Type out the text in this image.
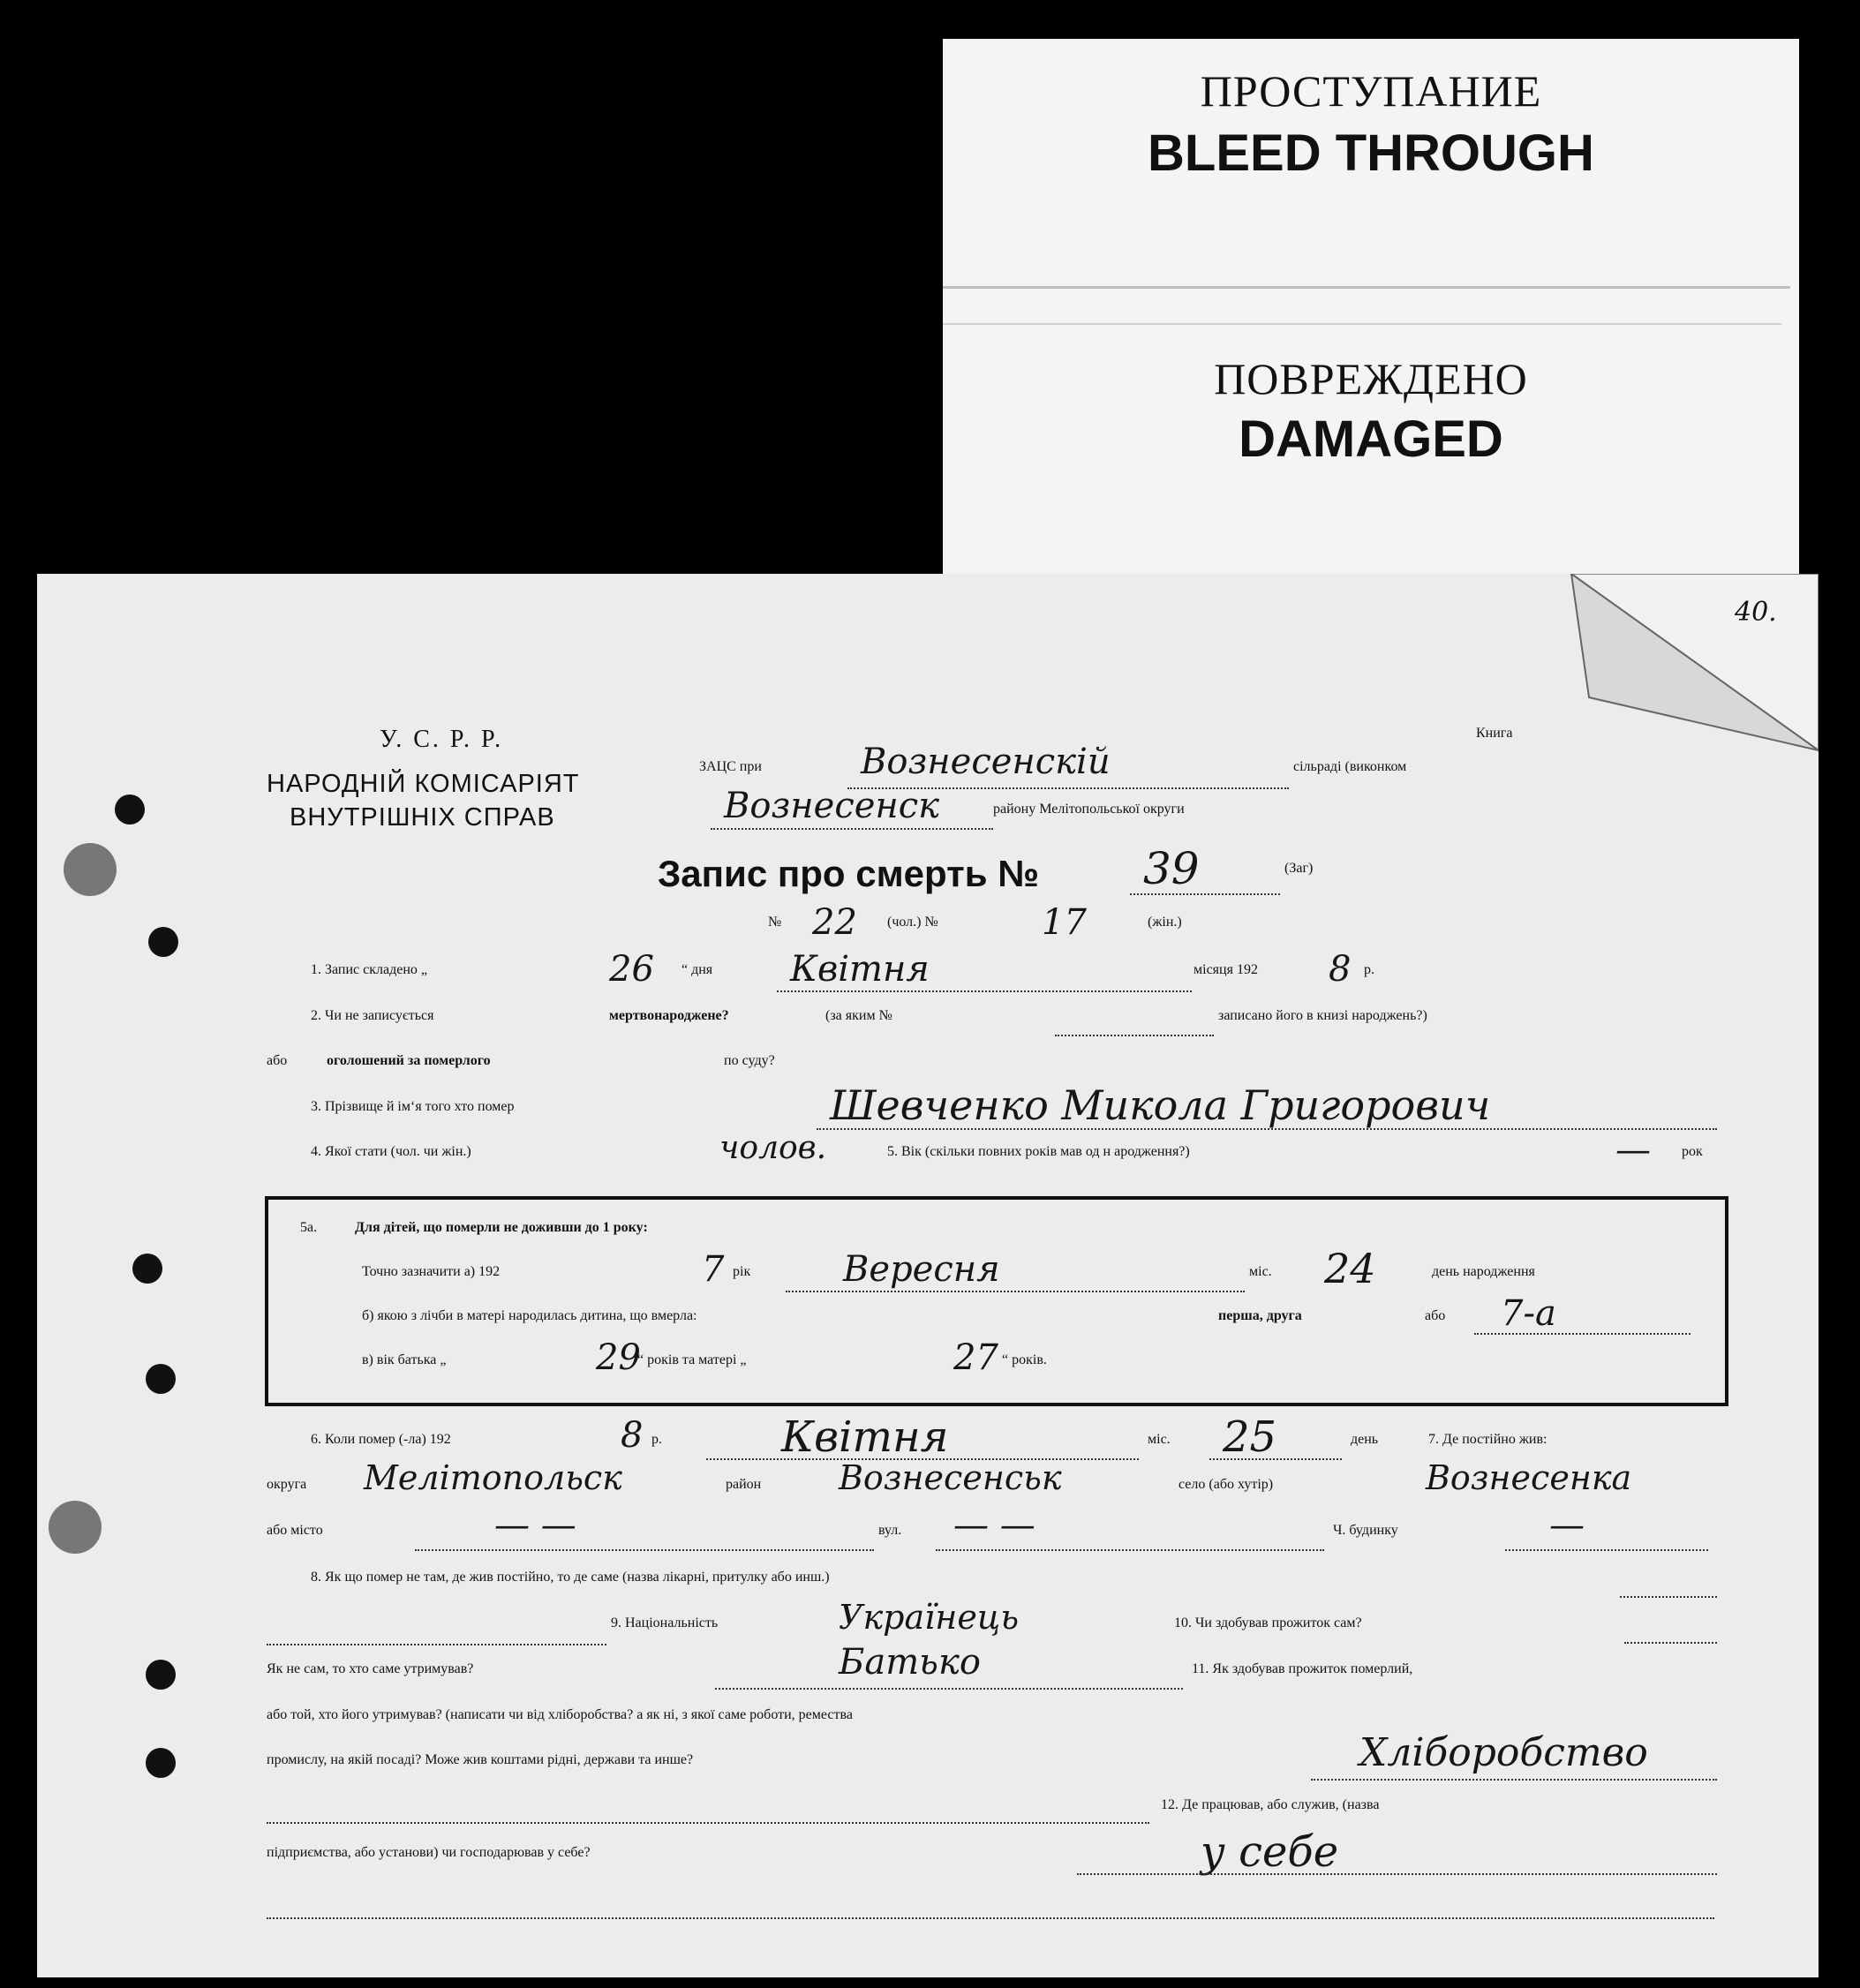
ПРОСТУПАНИЕ
BLEED THROUGH
ПОВРЕЖДЕНО
DAMAGED
40.
У. С. Р. Р.
НАРОДНІЙ КОМІСАРІЯТ
ВНУТРІШНІХ СПРАВ
Книга
ЗАЦС при	Вознесенскій	сільраді (виконком
Вознесенск	району Мелітопольської округи
Запис про смерть № 39	(Заг)
№ 22 (чол.) №	17	(жін.)
1. Запис складено „	26 “ дня Квітня	місяця 192 8 р.
2. Чи не записується	мертвонароджене?	(за яким №	записано його в книзі народжень?)
або	оголошений за померлого	по суду?
3. Прізвище й ім‘я того хто помер	Шевченко Микола Григорович
4. Якої стати (чол. чи жін.)	чолов.	5. Вік (скільки повних років мав од н ародження?)	— рок
5а.	Для дітей, що померли не доживши до 1 року:
Точно зазначити а) 192	7 рік	Вересня	міс. 24	день народження
б) якою з лічби в матері народилась дитина, що вмерла:	перша, друга	або 7-а
в) вік батька „	29
“ років та матері „	27 “ років.
6. Коли помер (-ла) 192	8 р.	Квітня	міс. 25	день	7. Де постійно жив:
округа Мелітопольск	район Вознесенськ	село (або хутір)	Вознесенка
або місто	— —	вул. — —	Ч. будинку	—
8. Як що помер не там, де жив постійно, то де саме (назва лікарні, притулку або инш.)
9. Національність	Українець	10. Чи здобував прожиток сам?
Як не сам, то хто саме утримував?	Батько	11. Як здобував прожиток померлий,
або той, хто його утримував? (написати чи від хліборобства? а як ні, з якої саме роботи, ремества
промислу, на якій посаді? Може жив коштами рідні, держави та инше?	Хліборобство
12. Де працював, або служив, (назва
підприємства, або установи) чи господарював у себе?	у себе
